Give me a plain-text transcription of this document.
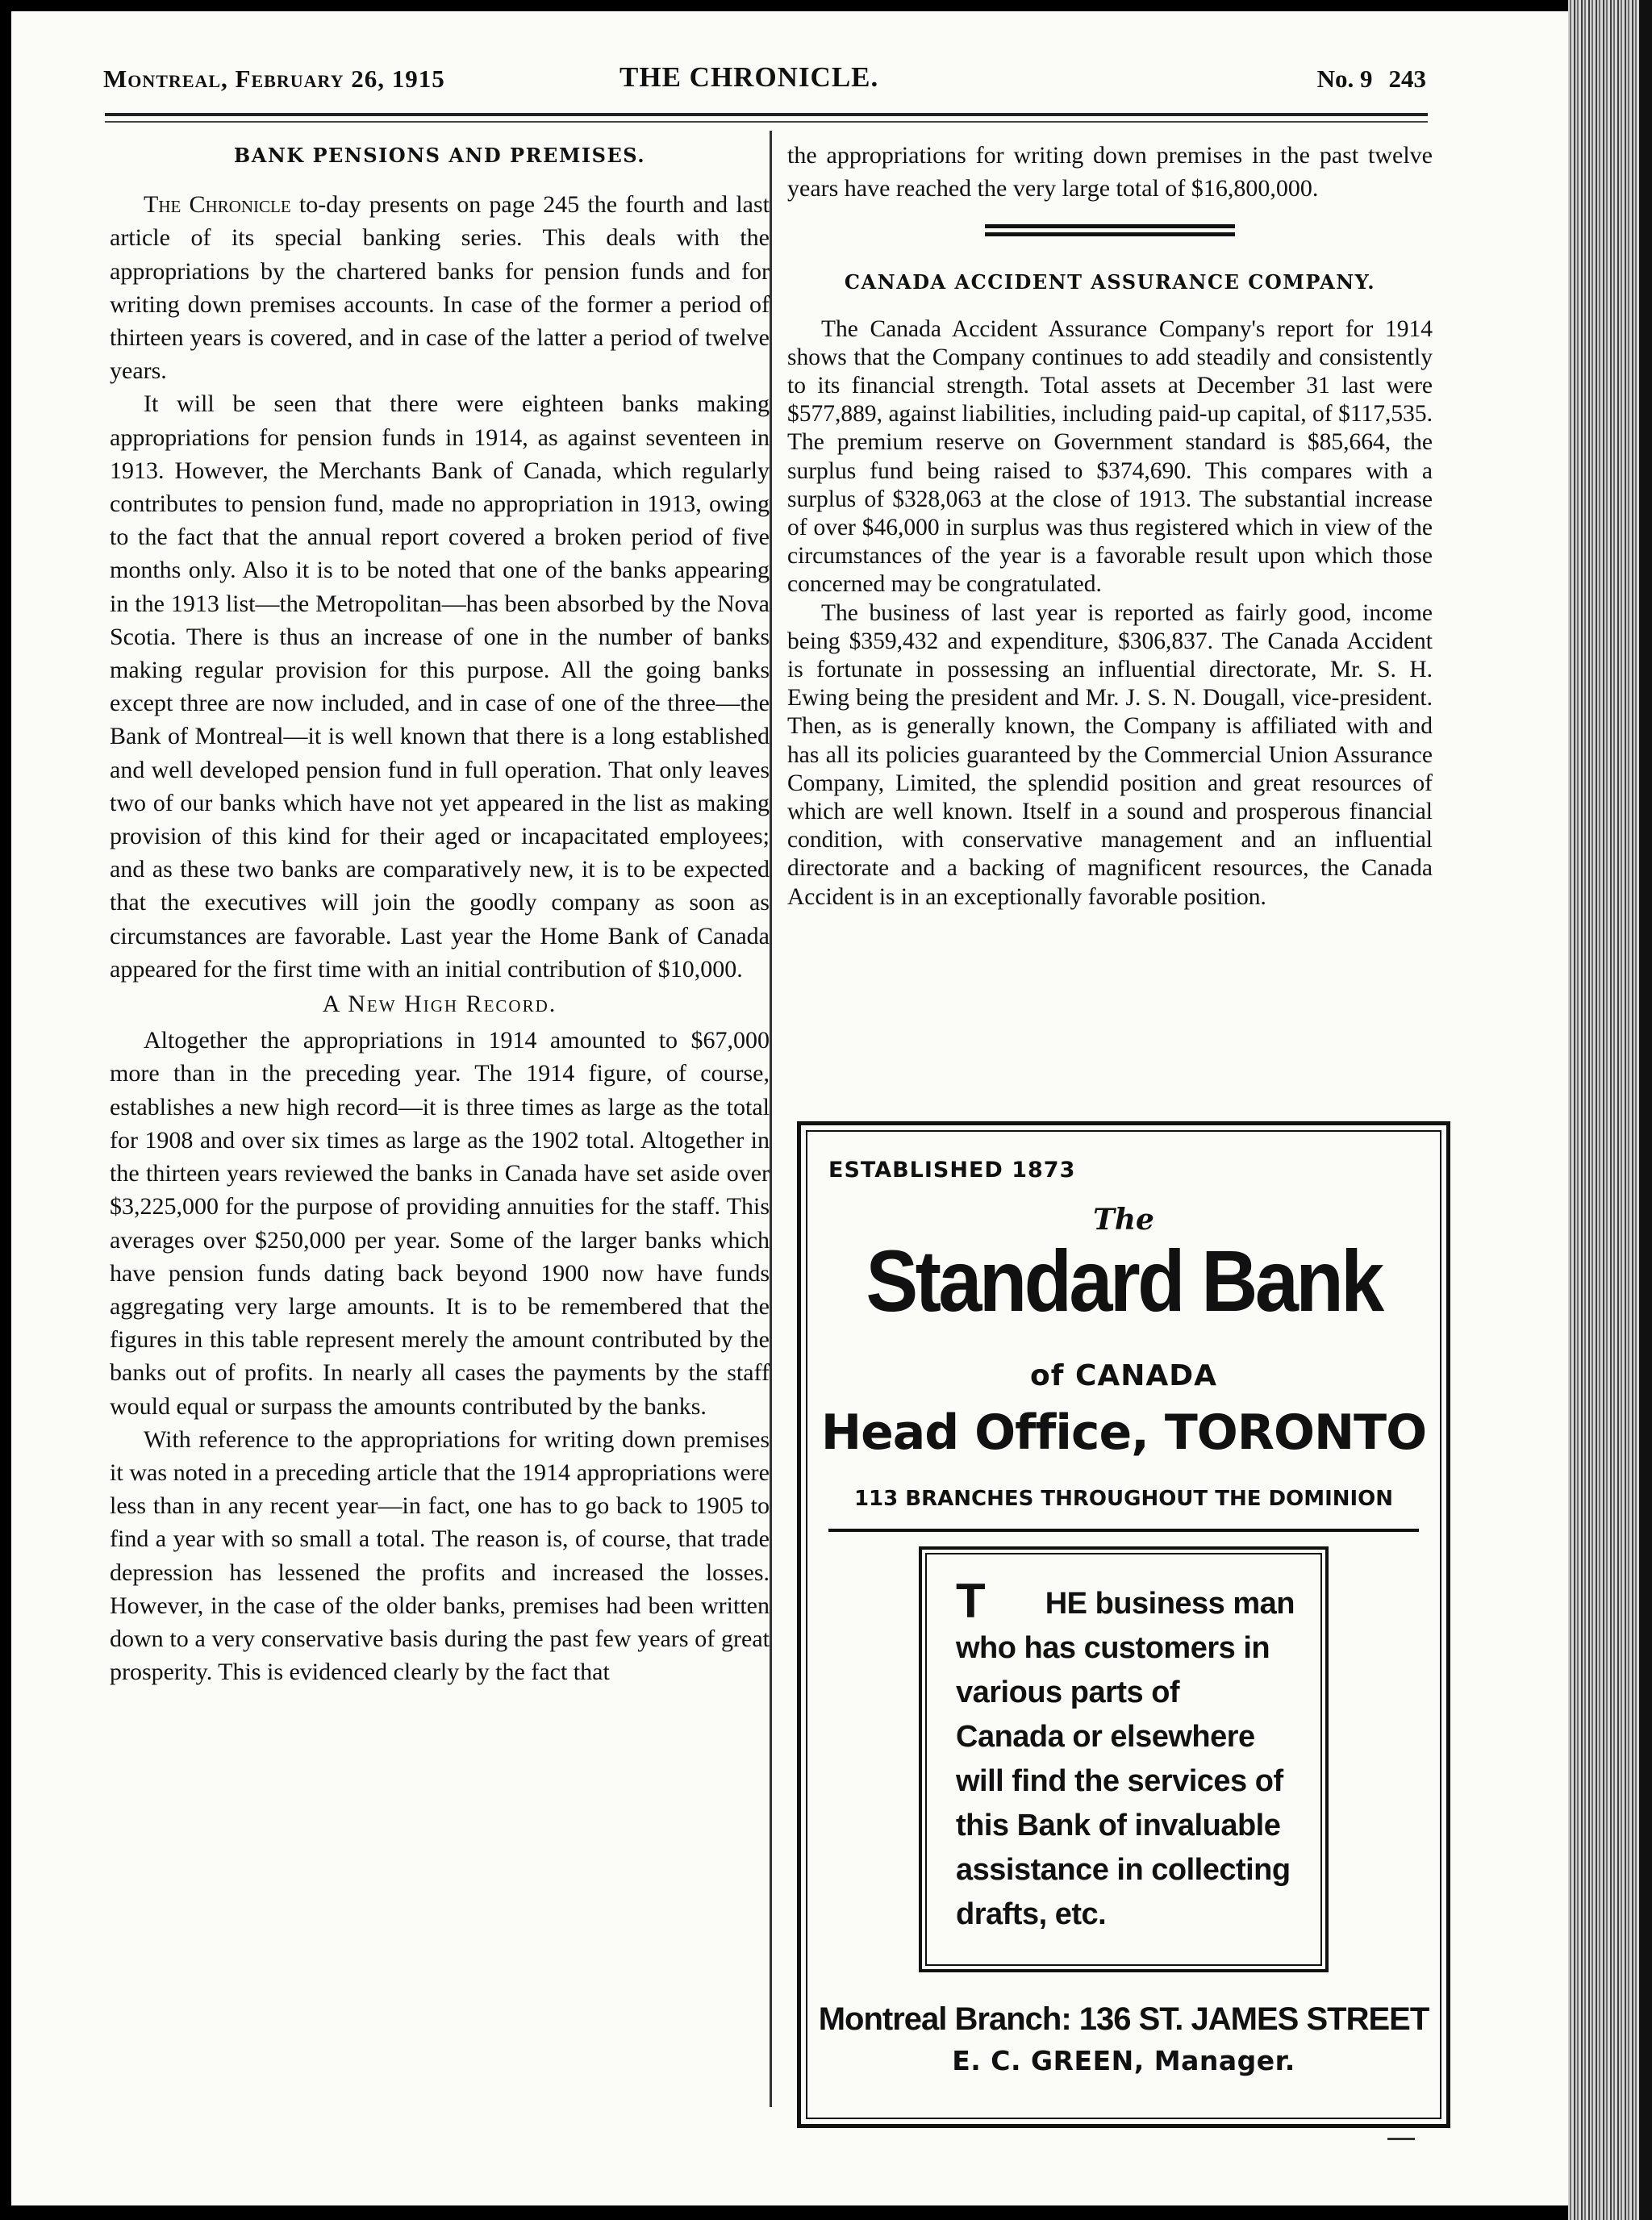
Montreal, February 26, 1915	THE CHRONICLE.	No. 9 243
BANK PENSIONS AND PREMISES.

The Chronicle to-day presents on page 245 the fourth and last article of its special banking series. This deals with the appropriations by the chartered banks for pension funds and for writing down premises accounts. In case of the former a period of thirteen years is covered, and in case of the latter a period of twelve years.

It will be seen that there were eighteen banks making appropriations for pension funds in 1914, as against seventeen in 1913. However, the Merchants Bank of Canada, which regularly contributes to pension fund, made no appropriation in 1913, owing to the fact that the annual report covered a broken period of five months only. Also it is to be noted that one of the banks appearing in the 1913 list—the Metropolitan—has been absorbed by the Nova Scotia. There is thus an increase of one in the number of banks making regular provision for this purpose. All the going banks except three are now included, and in case of one of the three—the Bank of Montreal—it is well known that there is a long established and well developed pension fund in full operation. That only leaves two of our banks which have not yet appeared in the list as making provision of this kind for their aged or incapacitated employees; and as these two banks are comparatively new, it is to be expected that the executives will join the goodly company as soon as circumstances are favorable. Last year the Home Bank of Canada appeared for the first time with an initial contribution of $10,000.

A New High Record.

Altogether the appropriations in 1914 amounted to $67,000 more than in the preceding year. The 1914 figure, of course, establishes a new high record—it is three times as large as the total for 1908 and over six times as large as the 1902 total. Altogether in the thirteen years reviewed the banks in Canada have set aside over $3,225,000 for the purpose of providing annuities for the staff. This averages over $250,000 per year. Some of the larger banks which have pension funds dating back beyond 1900 now have funds aggregating very large amounts. It is to be remembered that the figures in this table represent merely the amount contributed by the banks out of profits. In nearly all cases the payments by the staff would equal or surpass the amounts contributed by the banks.

With reference to the appropriations for writing down premises it was noted in a preceding article that the 1914 appropriations were less than in any recent year—in fact, one has to go back to 1905 to find a year with so small a total. The reason is, of course, that trade depression has lessened the profits and increased the losses. However, in the case of the older banks, premises had been written down to a very conservative basis during the past few years of great prosperity. This is evidenced clearly by the fact that

the appropriations for writing down premises in the past twelve years have reached the very large total of $16,800,000.

CANADA ACCIDENT ASSURANCE COMPANY.

The Canada Accident Assurance Company's report for 1914 shows that the Company continues to add steadily and consistently to its financial strength. Total assets at December 31 last were $577,889, against liabilities, including paid-up capital, of $117,535. The premium reserve on Government standard is $85,664, the surplus fund being raised to $374,690. This compares with a surplus of $328,063 at the close of 1913. The substantial increase of over $46,000 in surplus was thus registered which in view of the circumstances of the year is a favorable result upon which those concerned may be congratulated.

The business of last year is reported as fairly good, income being $359,432 and expenditure, $306,837. The Canada Accident is fortunate in possessing an influential directorate, Mr. S. H. Ewing being the president and Mr. J. S. N. Dougall, vice-president. Then, as is generally known, the Company is affiliated with and has all its policies guaranteed by the Commercial Union Assurance Company, Limited, the splendid position and great resources of which are well known. Itself in a sound and prosperous financial condition, with conservative management and an influential directorate and a backing of magnificent resources, the Canada Accident is in an exceptionally favorable position.

ESTABLISHED 1873
The
Standard Bank
of CANADA
Head Office, TORONTO
113 BRANCHES THROUGHOUT THE DOMINION
T	HE business man
who has customers in various parts of Canada or elsewhere will find the services of this Bank of invaluable assistance in collecting drafts, etc.
Montreal Branch: 136 ST. JAMES STREET
E. C. GREEN, Manager.
